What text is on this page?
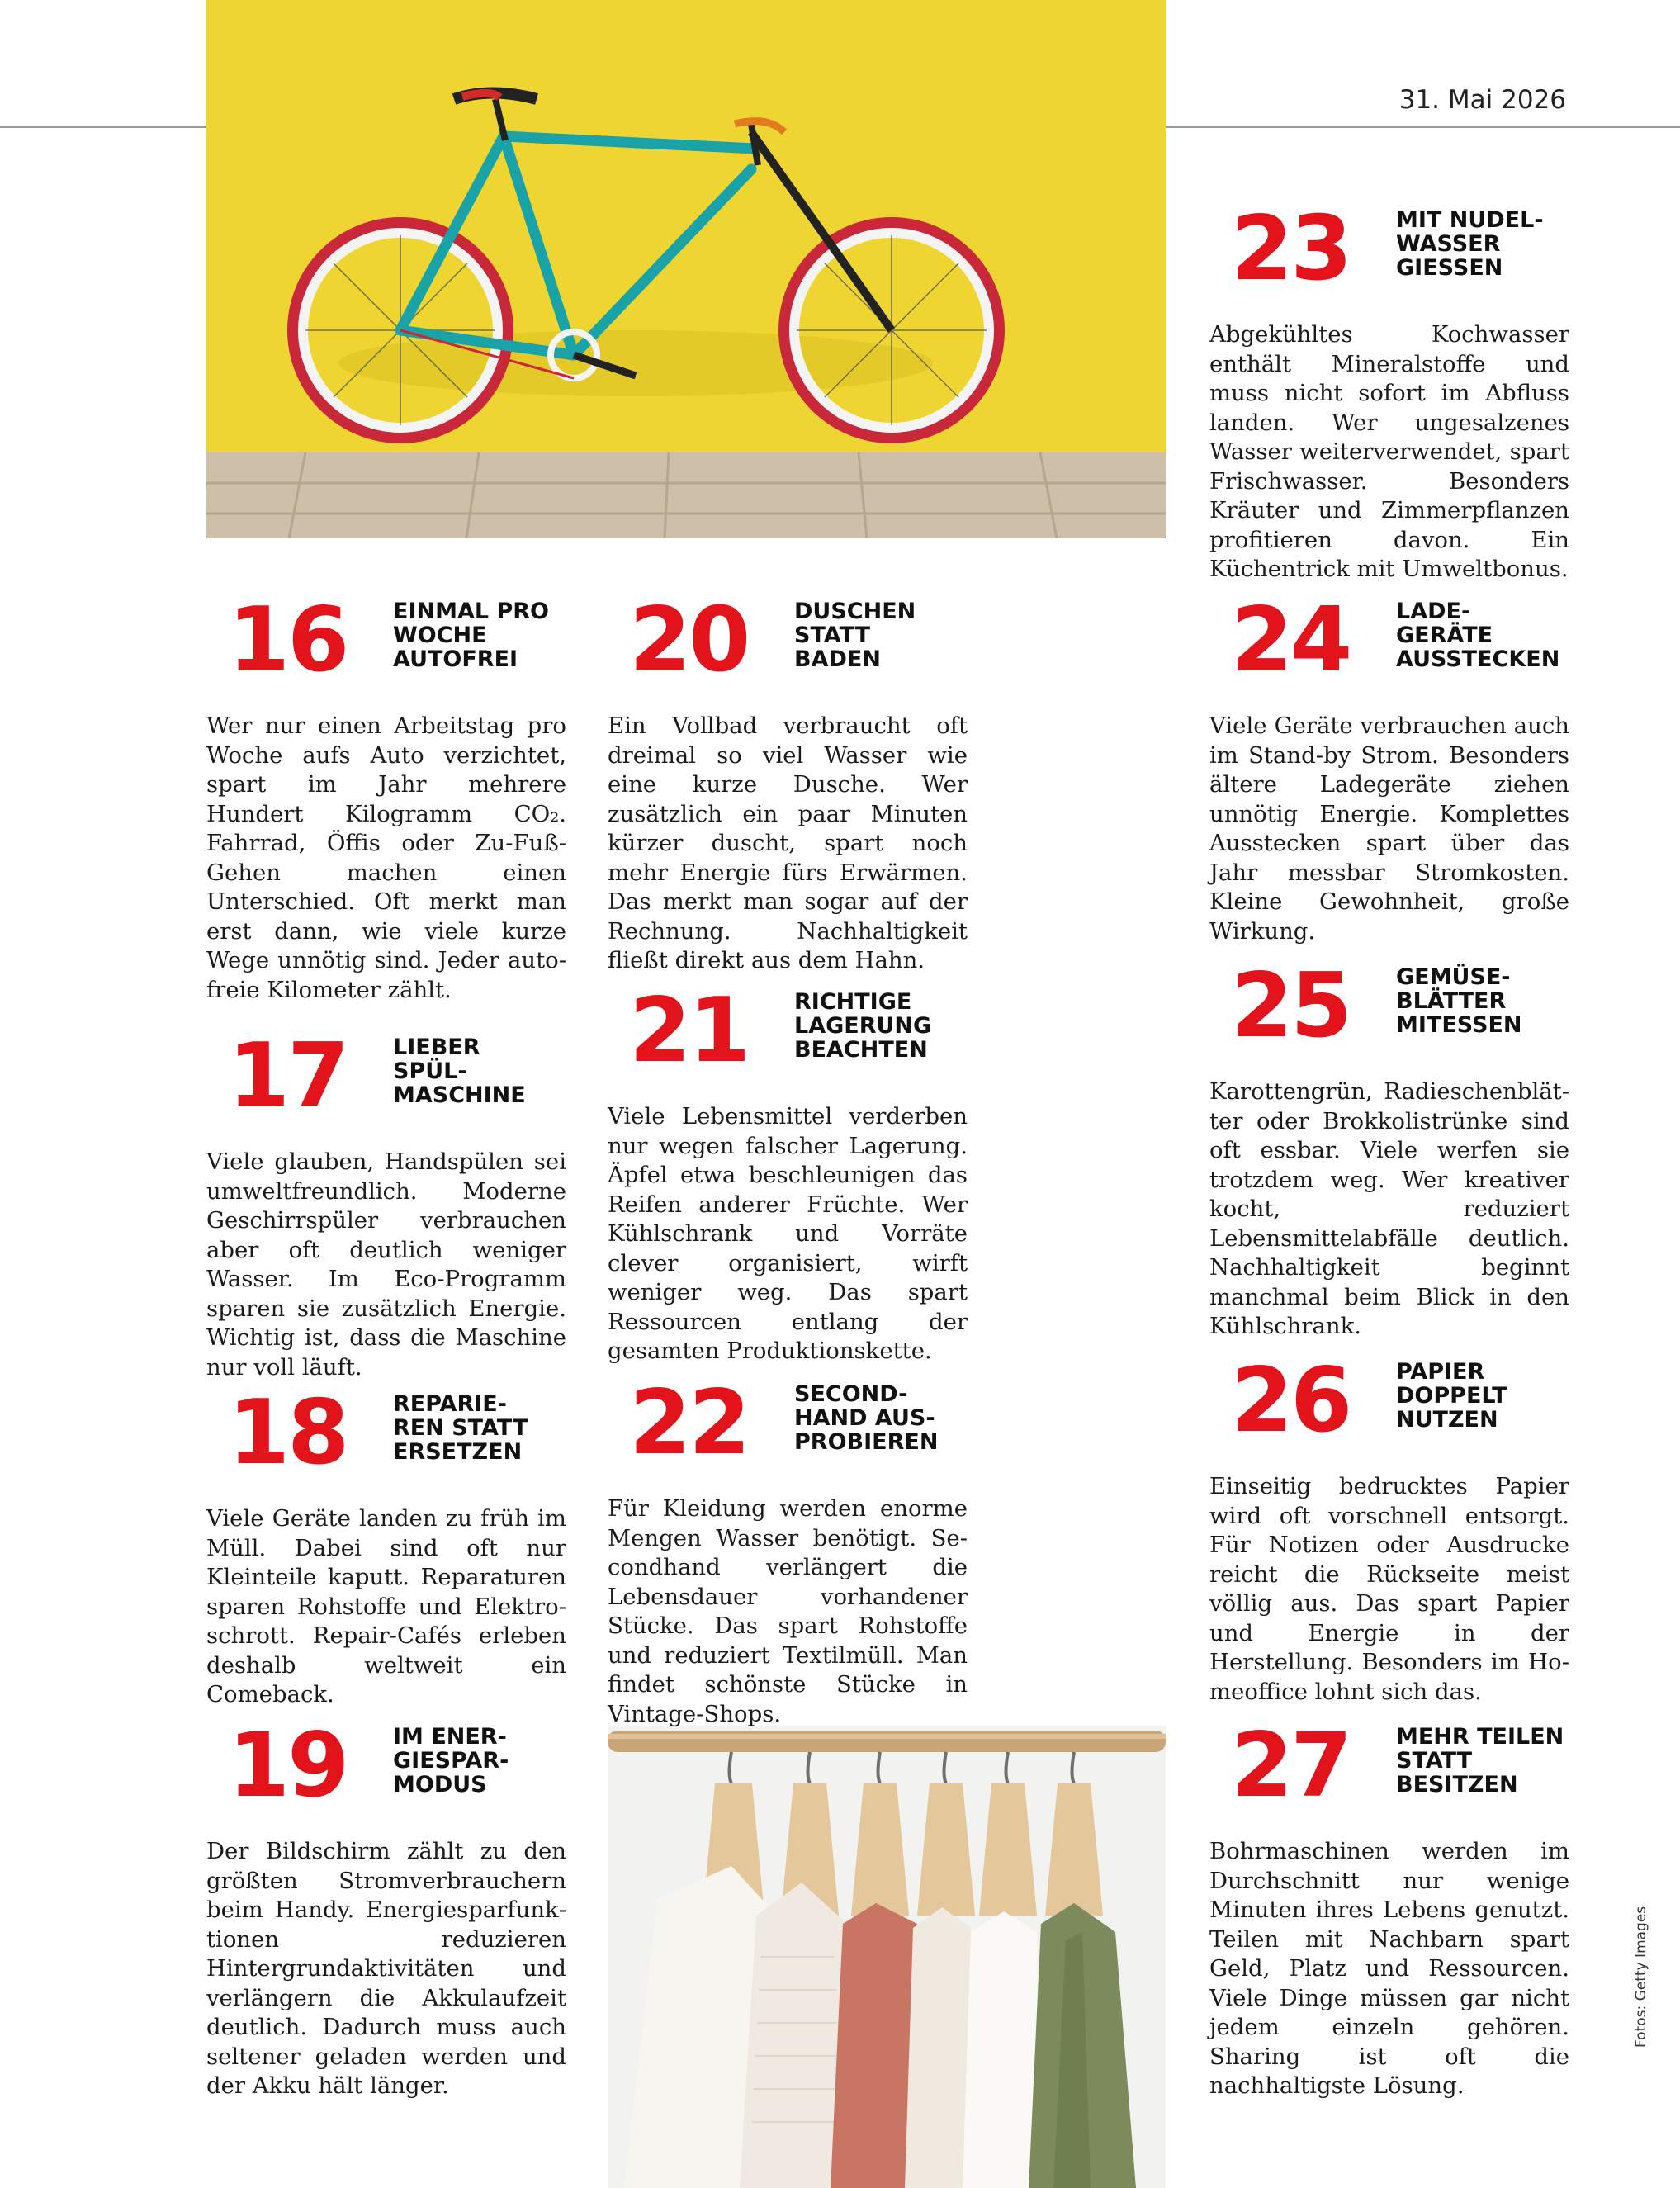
31. Mai 2026
16 EINMAL PRO
WOCHE
AUTOFREI

Wer nur einen Arbeitstag pro Woche aufs Auto verzichtet, spart im Jahr mehrere Hundert Kilogramm CO₂. Fahrrad, Öffis oder Zu-Fuß-Gehen machen einen Unterschied. Oft merkt man erst dann, wie viele kurze Wege unnötig sind. Jeder autofreie Kilometer zählt.

17 LIEBER
SPÜL-
MASCHINE

Viele glauben, Handspülen sei umweltfreundlich. Moderne Geschirrspüler verbrauchen aber oft deutlich weniger Wasser. Im Eco-Programm sparen sie zusätzlich Energie. Wichtig ist, dass die Maschine nur voll läuft.

18 REPARIE-
REN STATT
ERSETZEN

Viele Geräte landen zu früh im Müll. Dabei sind oft nur Kleinteile kaputt. Reparaturen sparen Rohstoffe und Elektroschrott. Repair-Cafés erleben deshalb weltweit ein Comeback.

19 IM ENER-
GIESPAR-
MODUS

Der Bildschirm zählt zu den größten Stromverbrauchern beim Handy. Energiesparfunktionen reduzieren Hintergrundaktivitäten und verlängern die Akkulaufzeit deutlich. Dadurch muss auch seltener geladen werden und der Akku hält länger.

20 DUSCHEN
STATT
BADEN

Ein Vollbad verbraucht oft dreimal so viel Wasser wie eine kurze Dusche. Wer zusätzlich ein paar Minuten kürzer duscht, spart noch mehr Energie fürs Erwärmen. Das merkt man sogar auf der Rechnung. Nachhaltigkeit fließt direkt aus dem Hahn.

21 RICHTIGE
LAGERUNG
BEACHTEN

Viele Lebensmittel verderben nur wegen falscher Lagerung. Äpfel etwa beschleunigen das Reifen anderer Früchte. Wer Kühlschrank und Vorräte clever organisiert, wirft weniger weg. Das spart Ressourcen entlang der gesamten Produktionskette.

22 SECOND-
HAND AUS-
PROBIEREN

Für Kleidung werden enorme Mengen Wasser benötigt. Secondhand verlängert die Lebensdauer vorhandener Stücke. Das spart Rohstoffe und reduziert Textilmüll. Man findet schönste Stücke in Vintage-Shops.

23 MIT NUDEL-
WASSER
GIESSEN

Abgekühltes Kochwasser enthält Mineralstoffe und muss nicht sofort im Abfluss landen. Wer ungesalzenes Wasser weiterverwendet, spart Frischwasser. Besonders Kräuter und Zimmerpflanzen profitieren davon. Ein Küchentrick mit Umweltbonus.

24 LADE-
GERÄTE
AUSSTECKEN

Viele Geräte verbrauchen auch im Stand-by Strom. Besonders ältere Ladegeräte ziehen unnötig Energie. Komplettes Ausstecken spart über das Jahr messbar Stromkosten. Kleine Gewohnheit, große Wirkung.

25 GEMÜSE-
BLÄTTER
MITESSEN

Karottengrün, Radieschenblätter oder Brokkolistrünke sind oft essbar. Viele werfen sie trotzdem weg. Wer kreativer kocht, reduziert Lebensmittelabfälle deutlich. Nachhaltigkeit beginnt manchmal beim Blick in den Kühlschrank.

26 PAPIER
DOPPELT
NUTZEN

Einseitig bedrucktes Papier wird oft vorschnell entsorgt. Für Notizen oder Ausdrucke reicht die Rückseite meist völlig aus. Das spart Papier und Energie in der Herstellung. Besonders im Homeoffice lohnt sich das.

27 MEHR TEILEN
STATT
BESITZEN

Bohrmaschinen werden im Durchschnitt nur wenige Minuten ihres Lebens genutzt. Teilen mit Nachbarn spart Geld, Platz und Ressourcen. Viele Dinge müssen gar nicht jedem einzeln gehören. Sharing ist oft die nachhaltigste Lösung.

Fotos: Getty Images
